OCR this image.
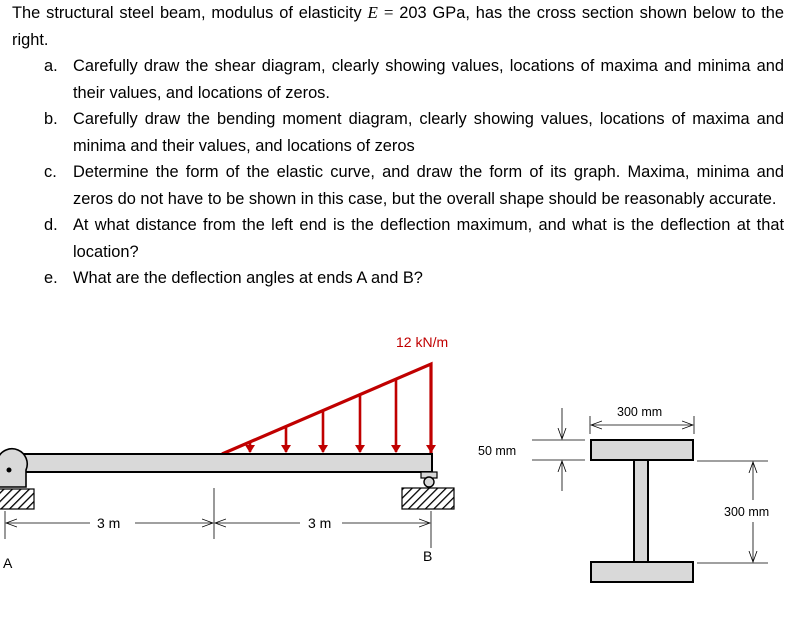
The structural steel beam, modulus of elasticity E = 203 GPa, has the cross section shown below to the right.

a. Carefully draw the shear diagram, clearly showing values, locations of maxima and minima and their values, and locations of zeros.
b. Carefully draw the bending moment diagram, clearly showing values, locations of maxima and minima and their values, and locations of zeros
c. Determine the form of the elastic curve, and draw the form of its graph. Maxima, minima and zeros do not have to be shown in this case, but the overall shape should be reasonably accurate.
d. At what distance from the left end is the deflection maximum, and what is the deflection at that location?
e. What are the deflection angles at ends A and B?
12 kN/m
3 m	3 m
A	B
300 mm
50 mm
300 mm
